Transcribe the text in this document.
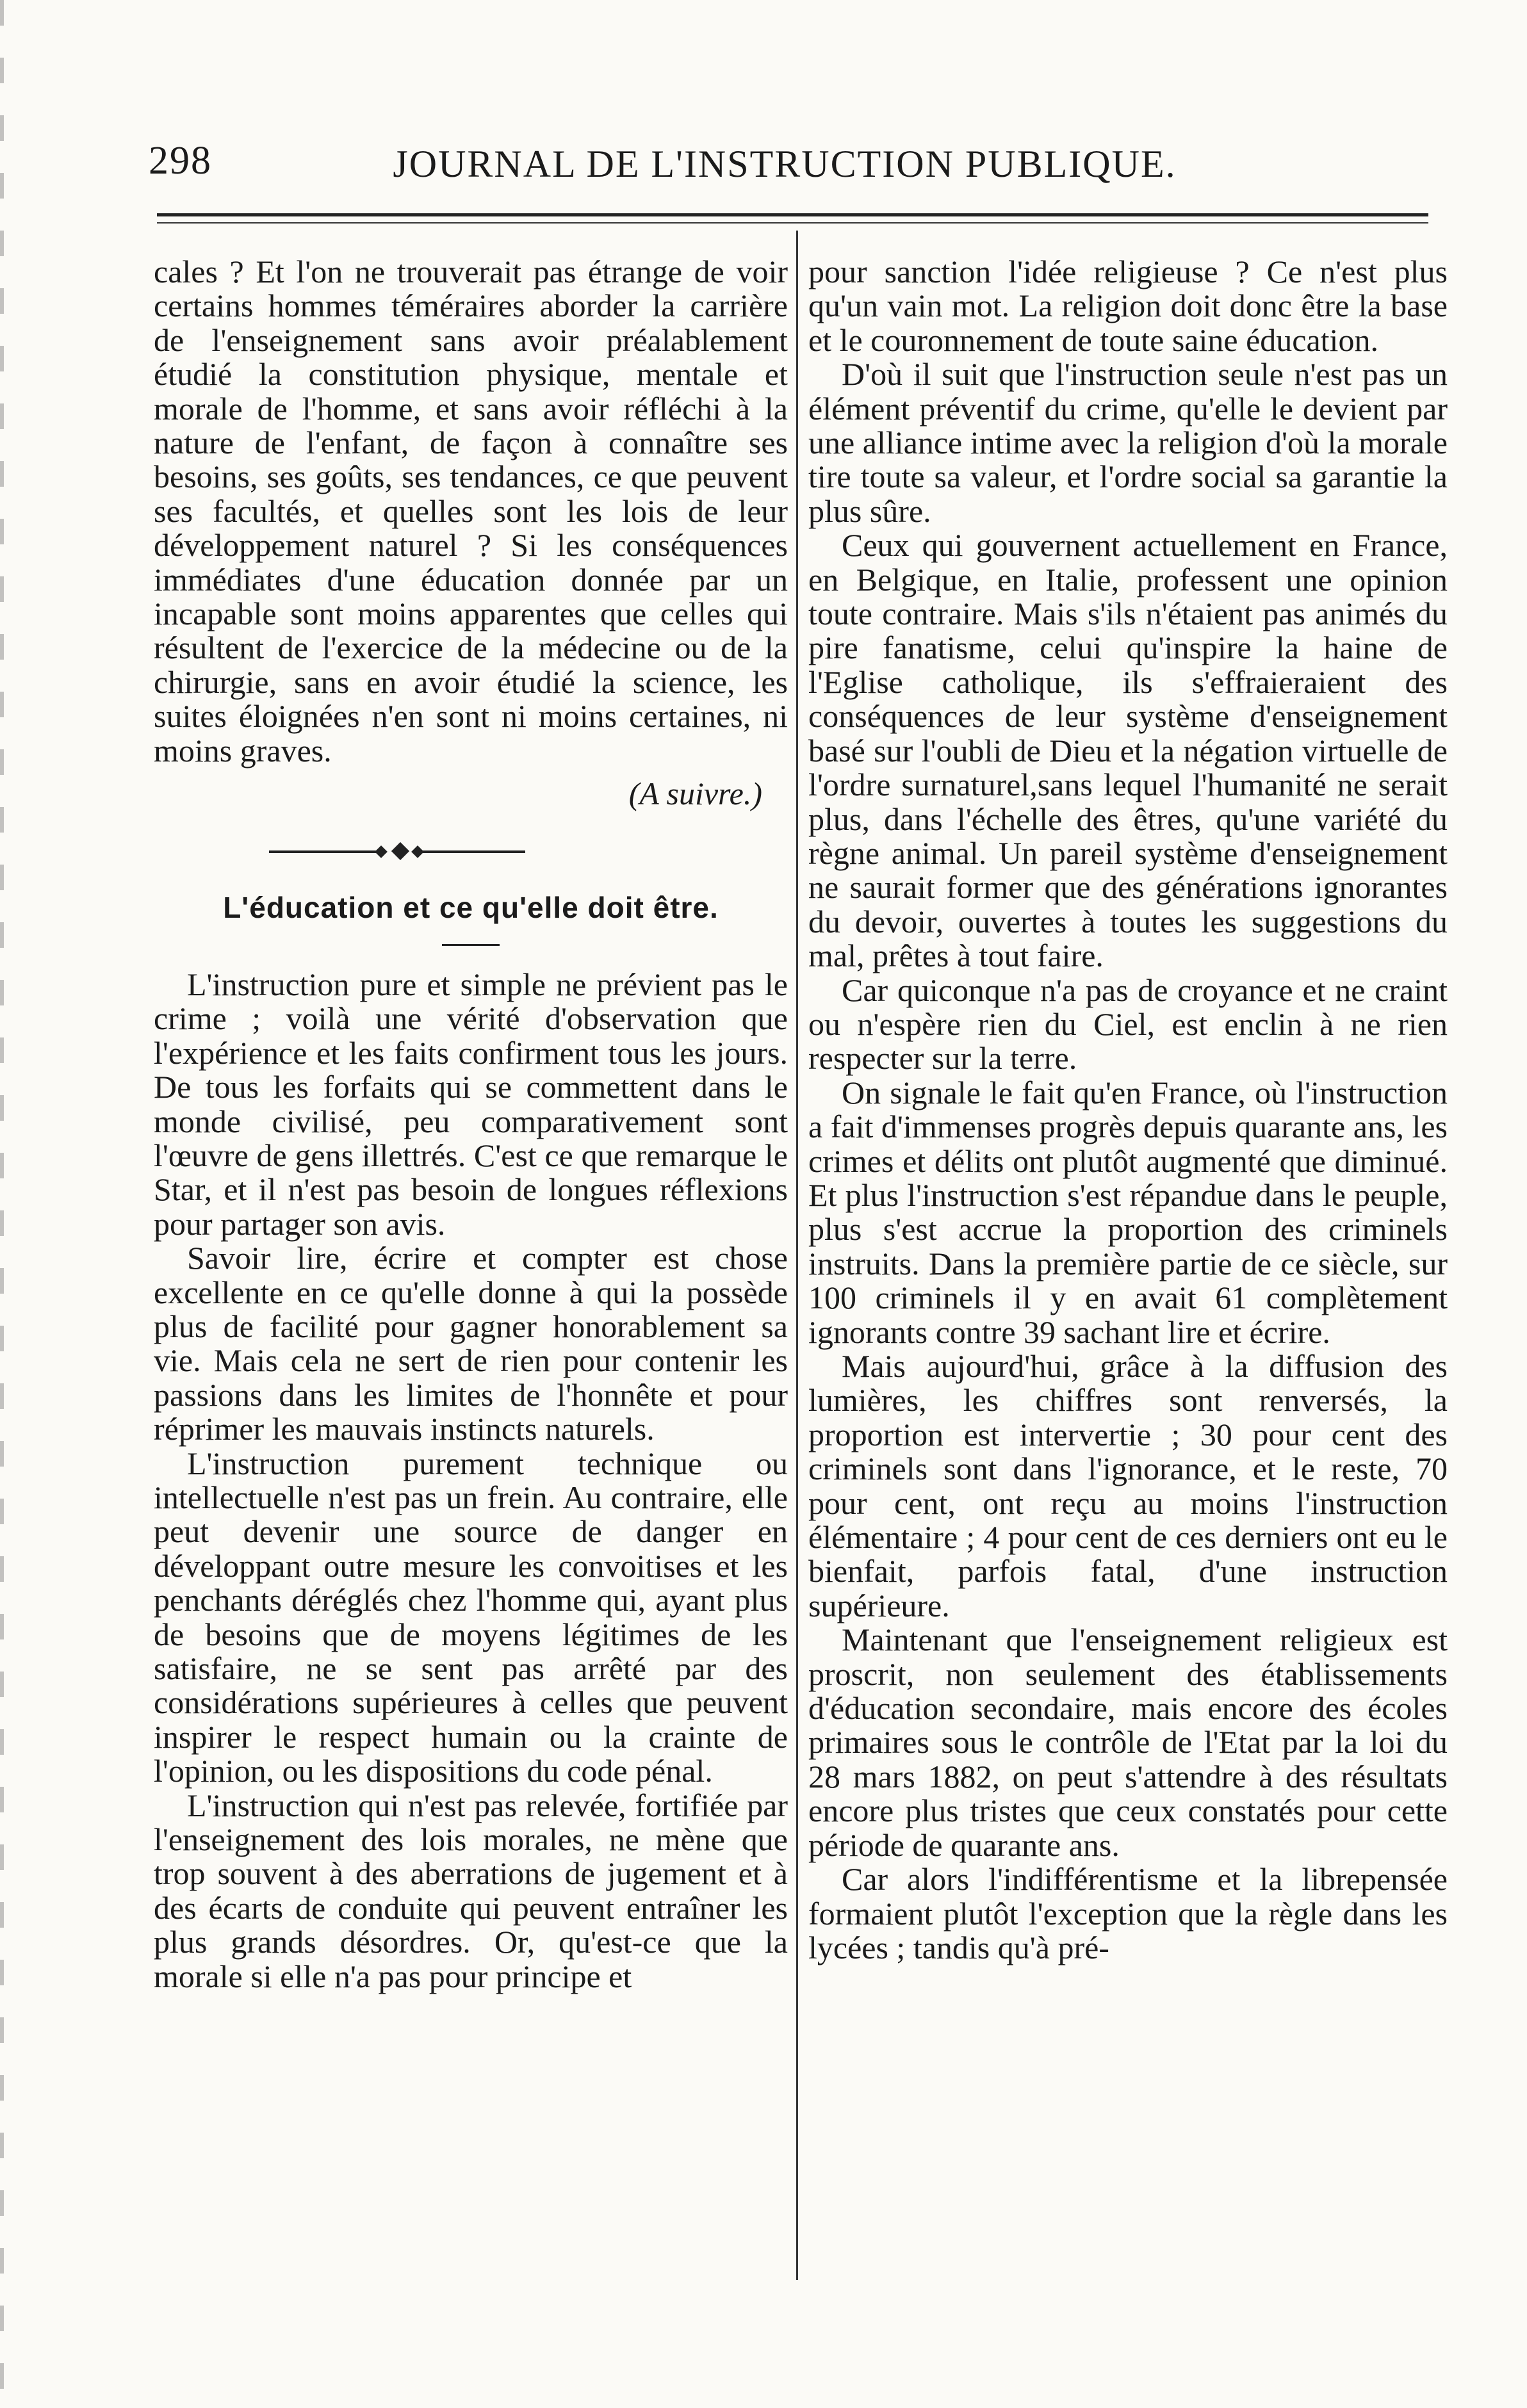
298	JOURNAL DE L'INSTRUCTION PUBLIQUE.

cales ? Et l'on ne trouverait pas étrange de voir certains hommes téméraires aborder la carrière de l'enseignement sans avoir préalablement étudié la constitution physique, mentale et morale de l'homme, et sans avoir réfléchi à la nature de l'enfant, de façon à connaître ses besoins, ses goûts, ses tendances, ce que peuvent ses facultés, et quelles sont les lois de leur développement naturel ? Si les conséquences immédiates d'une éducation donnée par un incapable sont moins apparentes que celles qui résultent de l'exercice de la médecine ou de la chirurgie, sans en avoir étudié la science, les suites éloignées n'en sont ni moins certaines, ni moins graves.

(A suivre.)

L'éducation et ce qu'elle doit être.

L'instruction pure et simple ne prévient pas le crime ; voilà une vérité d'observation que l'expérience et les faits confirment tous les jours. De tous les forfaits qui se commettent dans le monde civilisé, peu comparativement sont l'œuvre de gens illettrés. C'est ce que remarque le Star, et il n'est pas besoin de longues réflexions pour partager son avis.

Savoir lire, écrire et compter est chose excellente en ce qu'elle donne à qui la possède plus de facilité pour gagner honorablement sa vie. Mais cela ne sert de rien pour contenir les passions dans les limites de l'honnête et pour réprimer les mauvais instincts naturels.

L'instruction purement technique ou intellectuelle n'est pas un frein. Au contraire, elle peut devenir une source de danger en développant outre mesure les convoitises et les penchants déréglés chez l'homme qui, ayant plus de besoins que de moyens légitimes de les satisfaire, ne se sent pas arrêté par des considérations supérieures à celles que peuvent inspirer le respect humain ou la crainte de l'opinion, ou les dispositions du code pénal.

L'instruction qui n'est pas relevée, fortifiée par l'enseignement des lois morales, ne mène que trop souvent à des aberrations de jugement et à des écarts de conduite qui peuvent entraîner les plus grands désordres. Or, qu'est-ce que la morale si elle n'a pas pour principe et

pour sanction l'idée religieuse ? Ce n'est plus qu'un vain mot. La religion doit donc être la base et le couronnement de toute saine éducation.

D'où il suit que l'instruction seule n'est pas un élément préventif du crime, qu'elle le devient par une alliance intime avec la religion d'où la morale tire toute sa valeur, et l'ordre social sa garantie la plus sûre.

Ceux qui gouvernent actuellement en France, en Belgique, en Italie, professent une opinion toute contraire. Mais s'ils n'étaient pas animés du pire fanatisme, celui qu'inspire la haine de l'Eglise catholique, ils s'effraieraient des conséquences de leur système d'enseignement basé sur l'oubli de Dieu et la négation virtuelle de l'ordre surnaturel,sans lequel l'humanité ne serait plus, dans l'échelle des êtres, qu'une variété du règne animal. Un pareil système d'enseignement ne saurait former que des générations ignorantes du devoir, ouvertes à toutes les suggestions du mal, prêtes à tout faire.

Car quiconque n'a pas de croyance et ne craint ou n'espère rien du Ciel, est enclin à ne rien respecter sur la terre.

On signale le fait qu'en France, où l'instruction a fait d'immenses progrès depuis quarante ans, les crimes et délits ont plutôt augmenté que diminué. Et plus l'instruction s'est répandue dans le peuple, plus s'est accrue la proportion des criminels instruits. Dans la première partie de ce siècle, sur 100 criminels il y en avait 61 complètement ignorants contre 39 sachant lire et écrire.

Mais aujourd'hui, grâce à la diffusion des lumières, les chiffres sont renversés, la proportion est intervertie ; 30 pour cent des criminels sont dans l'ignorance, et le reste, 70 pour cent, ont reçu au moins l'instruction élémentaire ; 4 pour cent de ces derniers ont eu le bienfait, parfois fatal, d'une instruction supérieure.

Maintenant que l'enseignement religieux est proscrit, non seulement des établissements d'éducation secondaire, mais encore des écoles primaires sous le contrôle de l'Etat par la loi du 28 mars 1882, on peut s'attendre à des résultats encore plus tristes que ceux constatés pour cette période de quarante ans.

Car alors l'indifférentisme et la librepensée formaient plutôt l'exception que la règle dans les lycées ; tandis qu'à pré-
